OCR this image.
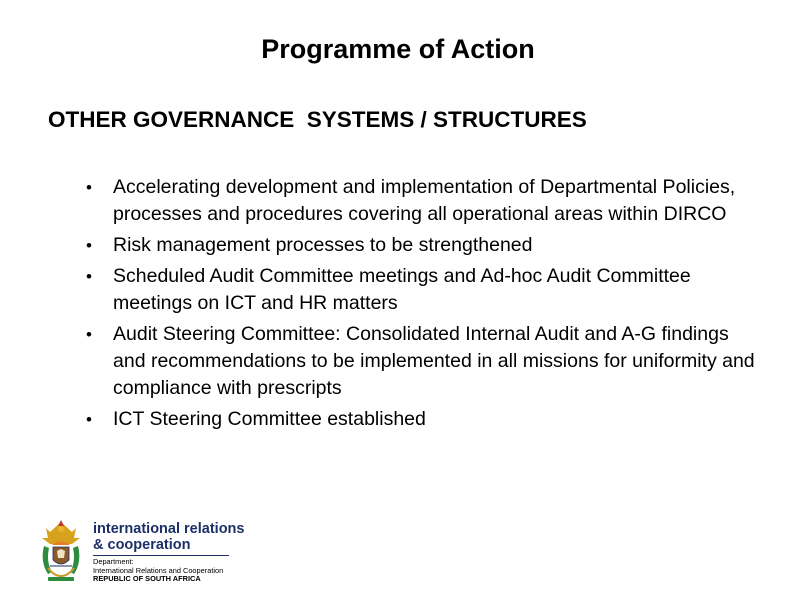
Programme of Action
OTHER GOVERNANCE  SYSTEMS / STRUCTURES
• Accelerating development and implementation of Departmental Policies, processes and procedures covering all operational areas within DIRCO
• Risk management processes to be strengthened
• Scheduled Audit Committee meetings and Ad-hoc Audit Committee meetings on ICT and HR matters
• Audit Steering Committee: Consolidated Internal Audit and A-G findings and recommendations to be implemented in all missions for uniformity and compliance with prescripts
• ICT Steering Committee established
international relations
& cooperation
Department:
International Relations and Cooperation
REPUBLIC OF SOUTH AFRICA
